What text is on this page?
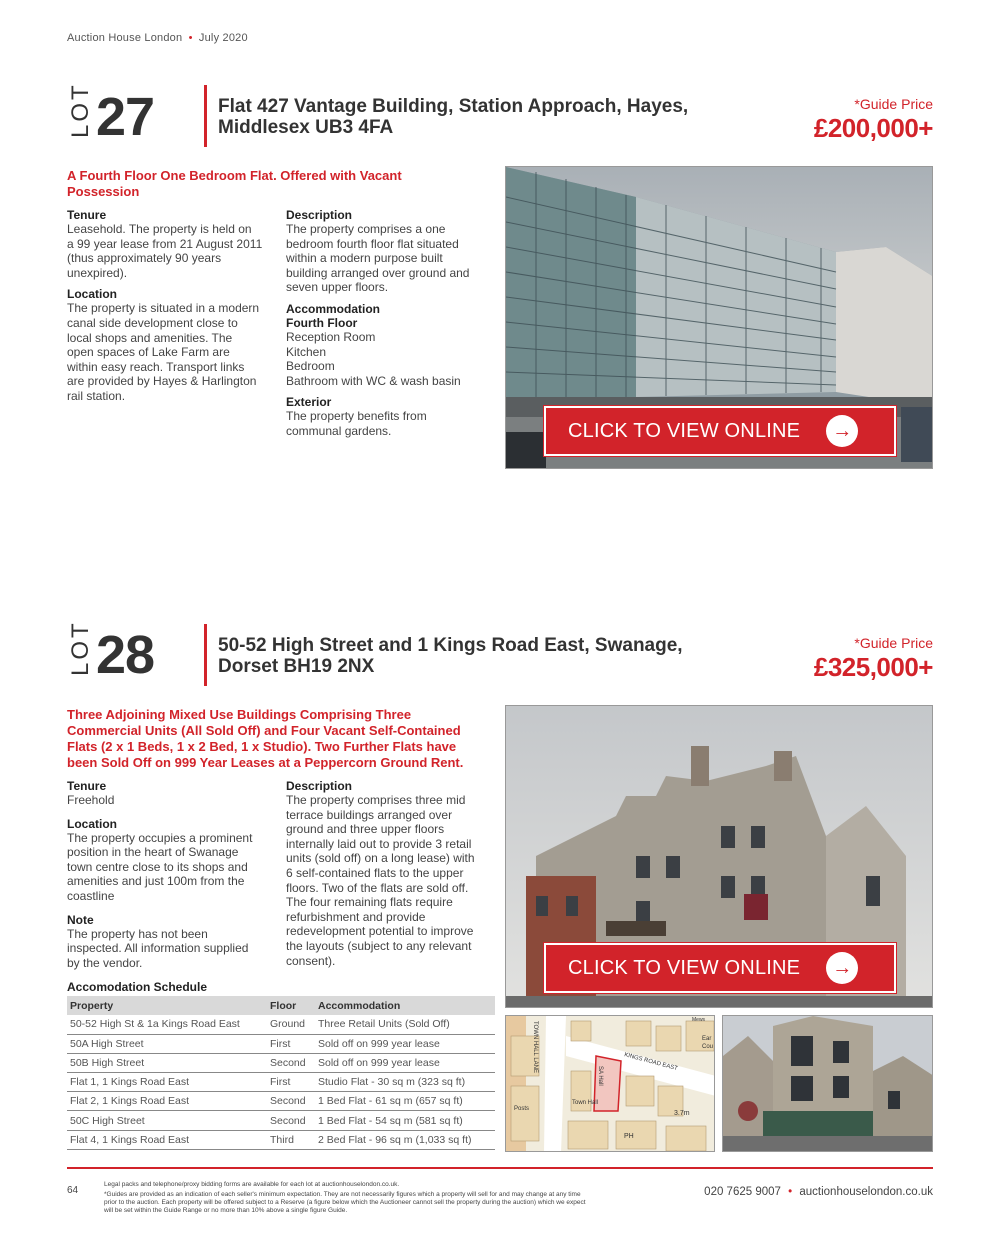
Auction House London • July 2020
LOT 27	Flat 427 Vantage Building, Station Approach, Hayes,
Middlesex UB3 4FA
*Guide Price
£200,000+
A Fourth Floor One Bedroom Flat. Offered with Vacant
Possession
Tenure
Leasehold. The property is held on
a 99 year lease from 21 August 2011
(thus approximately 90 years
unexpired).
Location
The property is situated in a modern
canal side development close to
local shops and amenities. The
open spaces of Lake Farm are
within easy reach. Transport links
are provided by Hayes & Harlington
rail station.
Description
The property comprises a one
bedroom fourth floor flat situated
within a modern purpose built
building arranged over ground and
seven upper floors.
Accommodation
Fourth Floor
Reception Room
Kitchen
Bedroom
Bathroom with WC & wash basin
Exterior
The property benefits from
communal gardens.	CLICK TO VIEW ONLINE	→
LOT 28	50-52 High Street and 1 Kings Road East, Swanage,
Dorset BH19 2NX
*Guide Price
£325,000+
Three Adjoining Mixed Use Buildings Comprising Three
Commercial Units (All Sold Off) and Four Vacant Self-Contained
Flats (2 x 1 Beds, 1 x 2 Bed, 1 x Studio). Two Further Flats have
been Sold Off on 999 Year Leases at a Peppercorn Ground Rent.
Tenure
Freehold
Location
The property occupies a prominent
position in the heart of Swanage
town centre close to its shops and
amenities and just 100m from the
coastline
Note
The property has not been
inspected. All information supplied
by the vendor.
Description
The property comprises three mid
terrace buildings arranged over
ground and three upper floors
internally laid out to provide 3 retail
units (sold off) on a long lease) with
6 self-contained flats to the upper
floors. Two of the flats are sold off.
The four remaining flats require
refurbishment and provide
redevelopment potential to improve
the layouts (subject to any relevant
consent).
Accomodation Schedule
Property	Floor	Accommodation
50-52 High St & 1a Kings Road East	Ground	Three Retail Units (Sold Off)
50A High Street	First	Sold off on 999 year lease
50B High Street	Second	Sold off on 999 year lease
Flat 1, 1 Kings Road East	First	Studio Flat - 30 sq m (323 sq ft)
Flat 2, 1 Kings Road East	Second	1 Bed Flat - 61 sq m (657 sq ft)
50C High Street	Second	1 Bed Flat - 54 sq m (581 sq ft)
Flat 4, 1 Kings Road East	Third	2 Bed Flat - 96 sq m (1,033 sq ft)
CLICK TO VIEW ONLINE	→
TOWN HALL LANE	KINGS ROAD EAST
SA Hall
Town Hall
Posts
PH
3.7m
Mews
Ear
Cou
64
Legal packs and telephone/proxy bidding forms are available for each lot at auctionhouselondon.co.uk.
*Guides are provided as an indication of each seller's minimum expectation. They are not necessarily figures which a property will sell for and may change at any time
prior to the auction. Each property will be offered subject to a Reserve (a figure below which the Auctioneer cannot sell the property during the auction) which we expect
will be set within the Guide Range or no more than 10% above a single figure Guide.
020 7625 9007 • auctionhouselondon.co.uk
